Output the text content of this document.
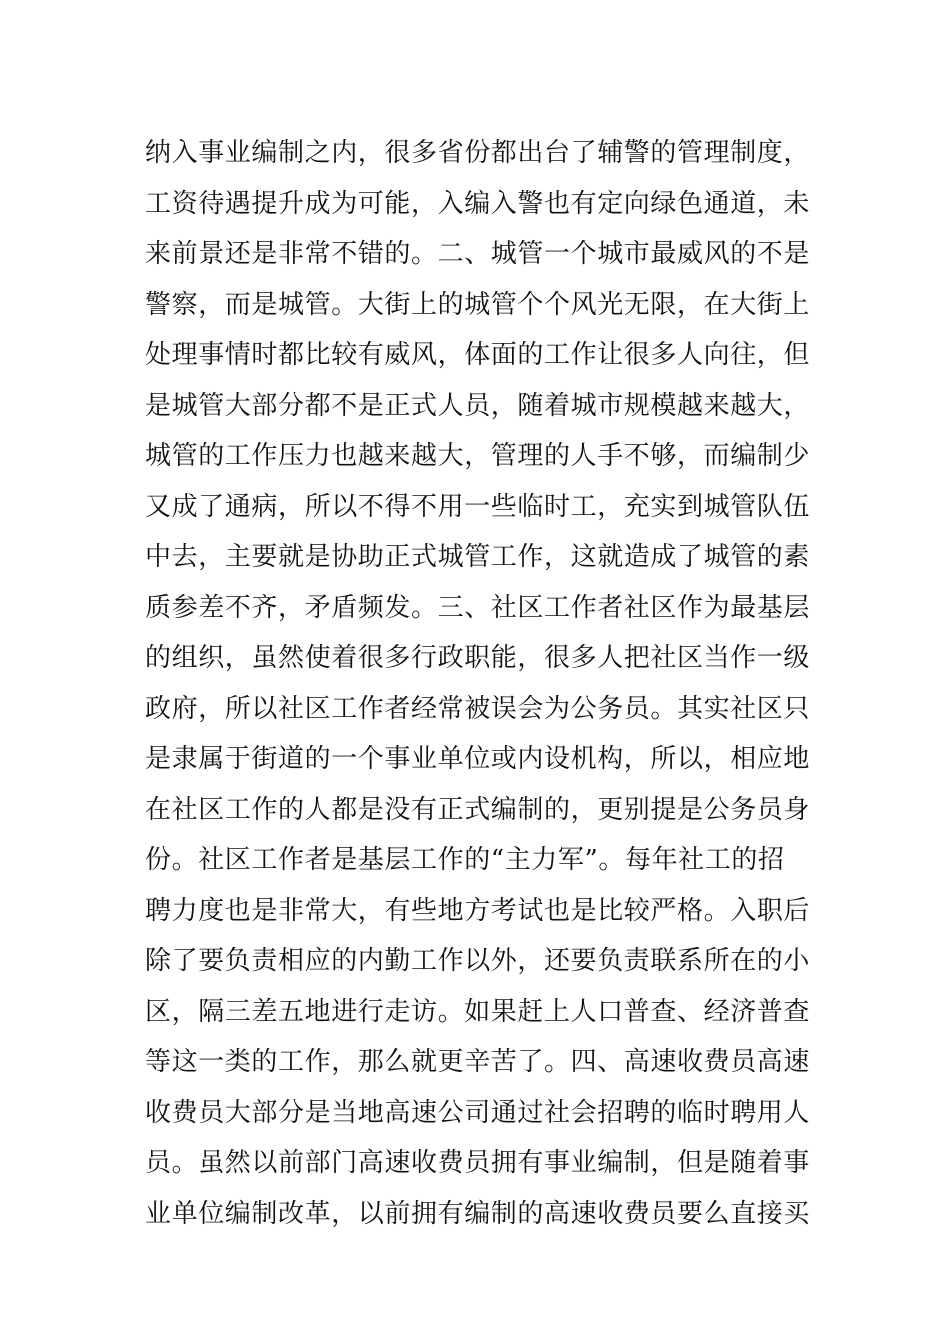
纳入事业编制之内，很多省份都出台了辅警的管理制度，
工资待遇提升成为可能，入编入警也有定向绿色通道，未
来前景还是非常不错的。二、城管一个城市最威风的不是
警察，而是城管。大街上的城管个个风光无限，在大街上
处理事情时都比较有威风，体面的工作让很多人向往，但
是城管大部分都不是正式人员，随着城市规模越来越大，
城管的工作压力也越来越大，管理的人手不够，而编制少
又成了通病，所以不得不用一些临时工，充实到城管队伍
中去，主要就是协助正式城管工作，这就造成了城管的素
质参差不齐，矛盾频发。三、社区工作者社区作为最基层
的组织，虽然使着很多行政职能，很多人把社区当作一级
政府，所以社区工作者经常被误会为公务员。其实社区只
是隶属于街道的一个事业单位或内设机构，所以，相应地
在社区工作的人都是没有正式编制的，更别提是公务员身
份。社区工作者是基层工作的“主力军”。每年社工的招
聘力度也是非常大，有些地方考试也是比较严格。入职后
除了要负责相应的内勤工作以外，还要负责联系所在的小
区，隔三差五地进行走访。如果赶上人口普查、经济普查
等这一类的工作，那么就更辛苦了。四、高速收费员高速
收费员大部分是当地高速公司通过社会招聘的临时聘用人
员。虽然以前部门高速收费员拥有事业编制，但是随着事
业单位编制改革，以前拥有编制的高速收费员要么直接买
